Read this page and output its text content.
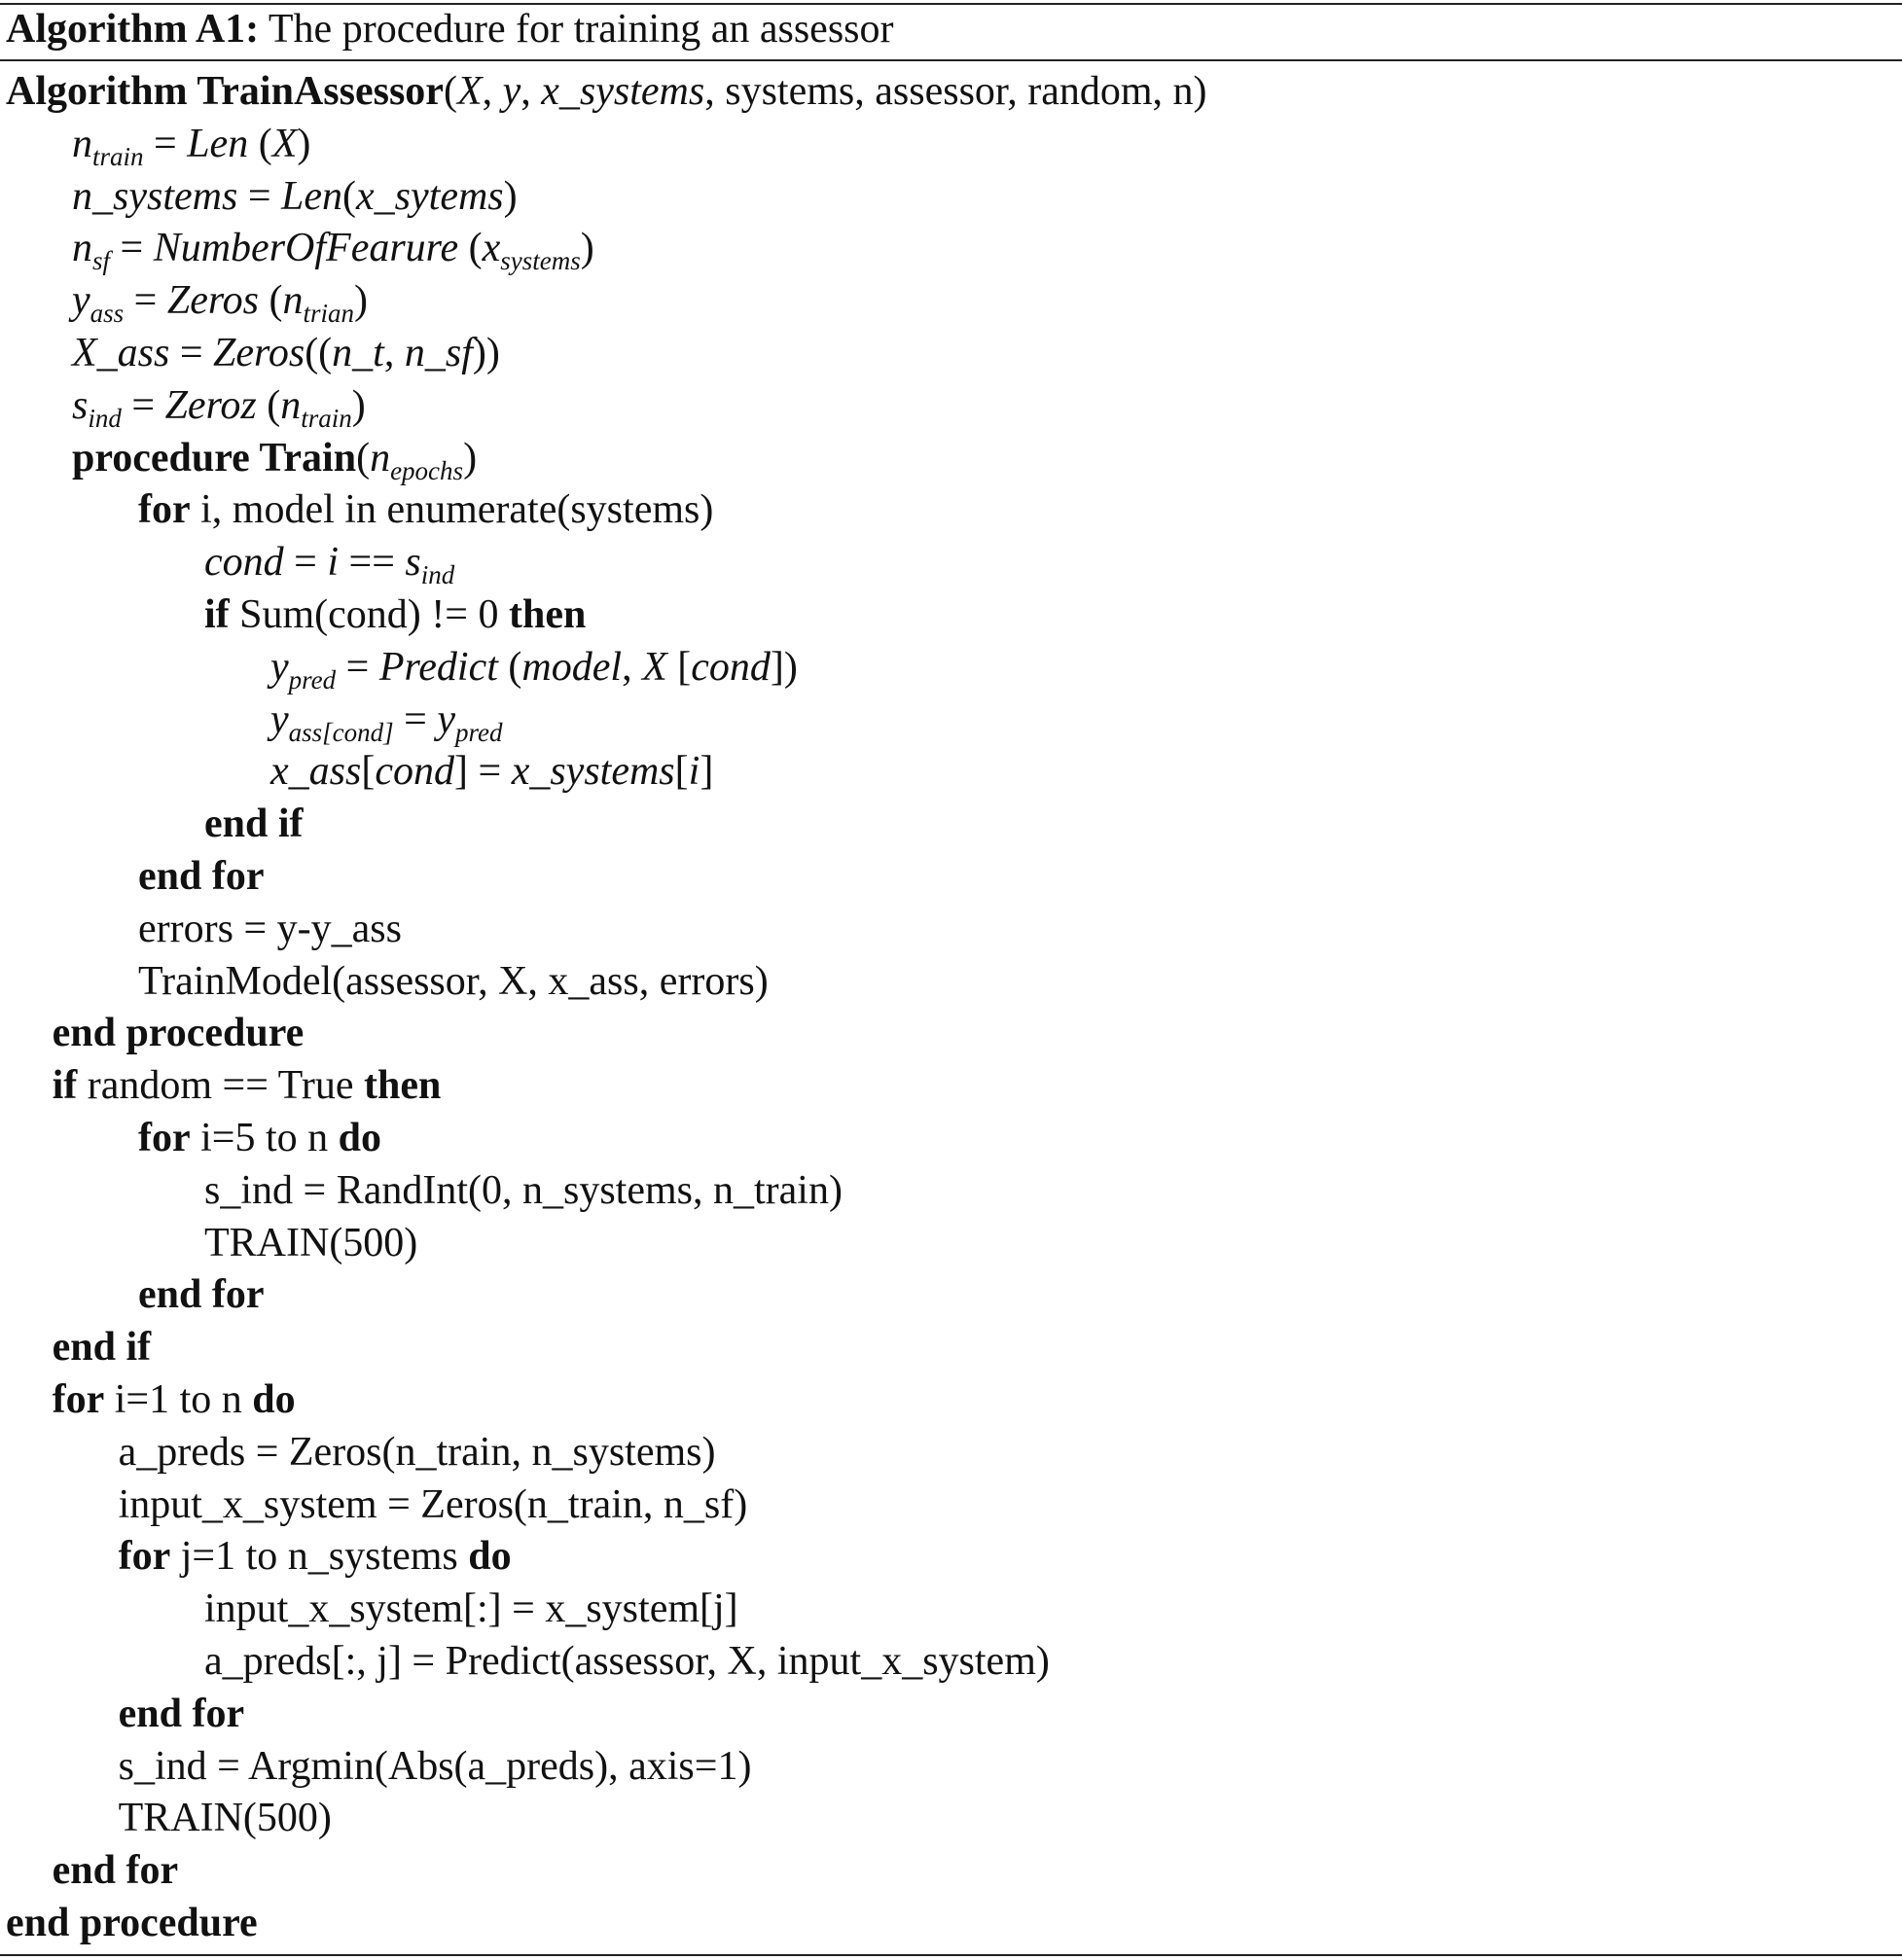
Algorithm A1: The procedure for training an assessor
Algorithm TrainAssessor(X, y, x_systems, systems, assessor, random, n)
$n_{train}$ = Len (X)
n_systems = Len(x_sytems)
$n_{sf}$ = NumberOfFearure $(x_{systems})$
$y_{ass}$ = Zeros $(n_{trian})$
X_ass = Zeros((n_t, n_sf))
$s_{ind}$ = Zeroz $(n_{train})$
procedure $Train(n_{epochs})$
for i, model in enumerate(systems)
cond = $i == s_{ind}$
if Sum(cond) != 0 then
$y_{pred}$ = Predict (model, X [cond])
$y_{ass[cond]} = y_{pred}$
x_ass[cond] = x_systems[i]
end if
end for
errors = y-y_ass
TrainModel(assessor, X, x_ass, errors)
end procedure
if random == True then
for i=5 to n do
s_ind = RandInt(0, n_systems, n_train)
TRAIN(500)
end for
end if
for i=1 to n do
a_preds = Zeros(n_train, n_systems)
input_x_system = Zeros(n_train, n_sf)
for j=1 to n_systems do
input_x_system[:] = x_system[j]
a_preds[:, j] = Predict(assessor, X, input_x_system)
end for
s_ind = Argmin(Abs(a_preds), axis=1)
TRAIN(500)
end for
end procedure
